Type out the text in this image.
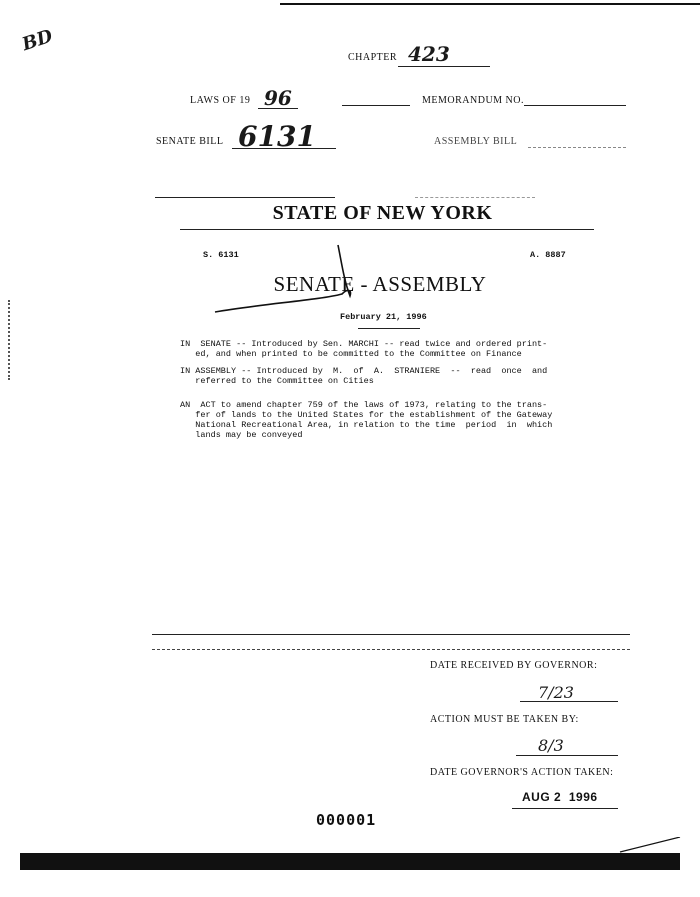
BD
CHAPTER 423
LAWS OF 19 96	MEMORANDUM NO.
SENATE BILL 6131	ASSEMBLY BILL
STATE OF NEW YORK
S. 6131	A. 8887
SENATE - ASSEMBLY
February 21, 1996
IN  SENATE -- Introduced by Sen. MARCHI -- read twice and ordered print-
ed, and when printed to be committed to the Committee on Finance
IN ASSEMBLY -- Introduced by  M.  of  A.  STRANIERE  --  read  once  and
referred to the Committee on Cities
AN  ACT to amend chapter 759 of the laws of 1973, relating to the trans-
fer of lands to the United States for the establishment of the Gateway
National Recreational Area, in relation to the time  period  in  which
lands may be conveyed
DATE RECEIVED BY GOVERNOR:
7/23
ACTION MUST BE TAKEN BY:
8/3
DATE GOVERNOR'S ACTION TAKEN:
AUG 2  1996
000001
